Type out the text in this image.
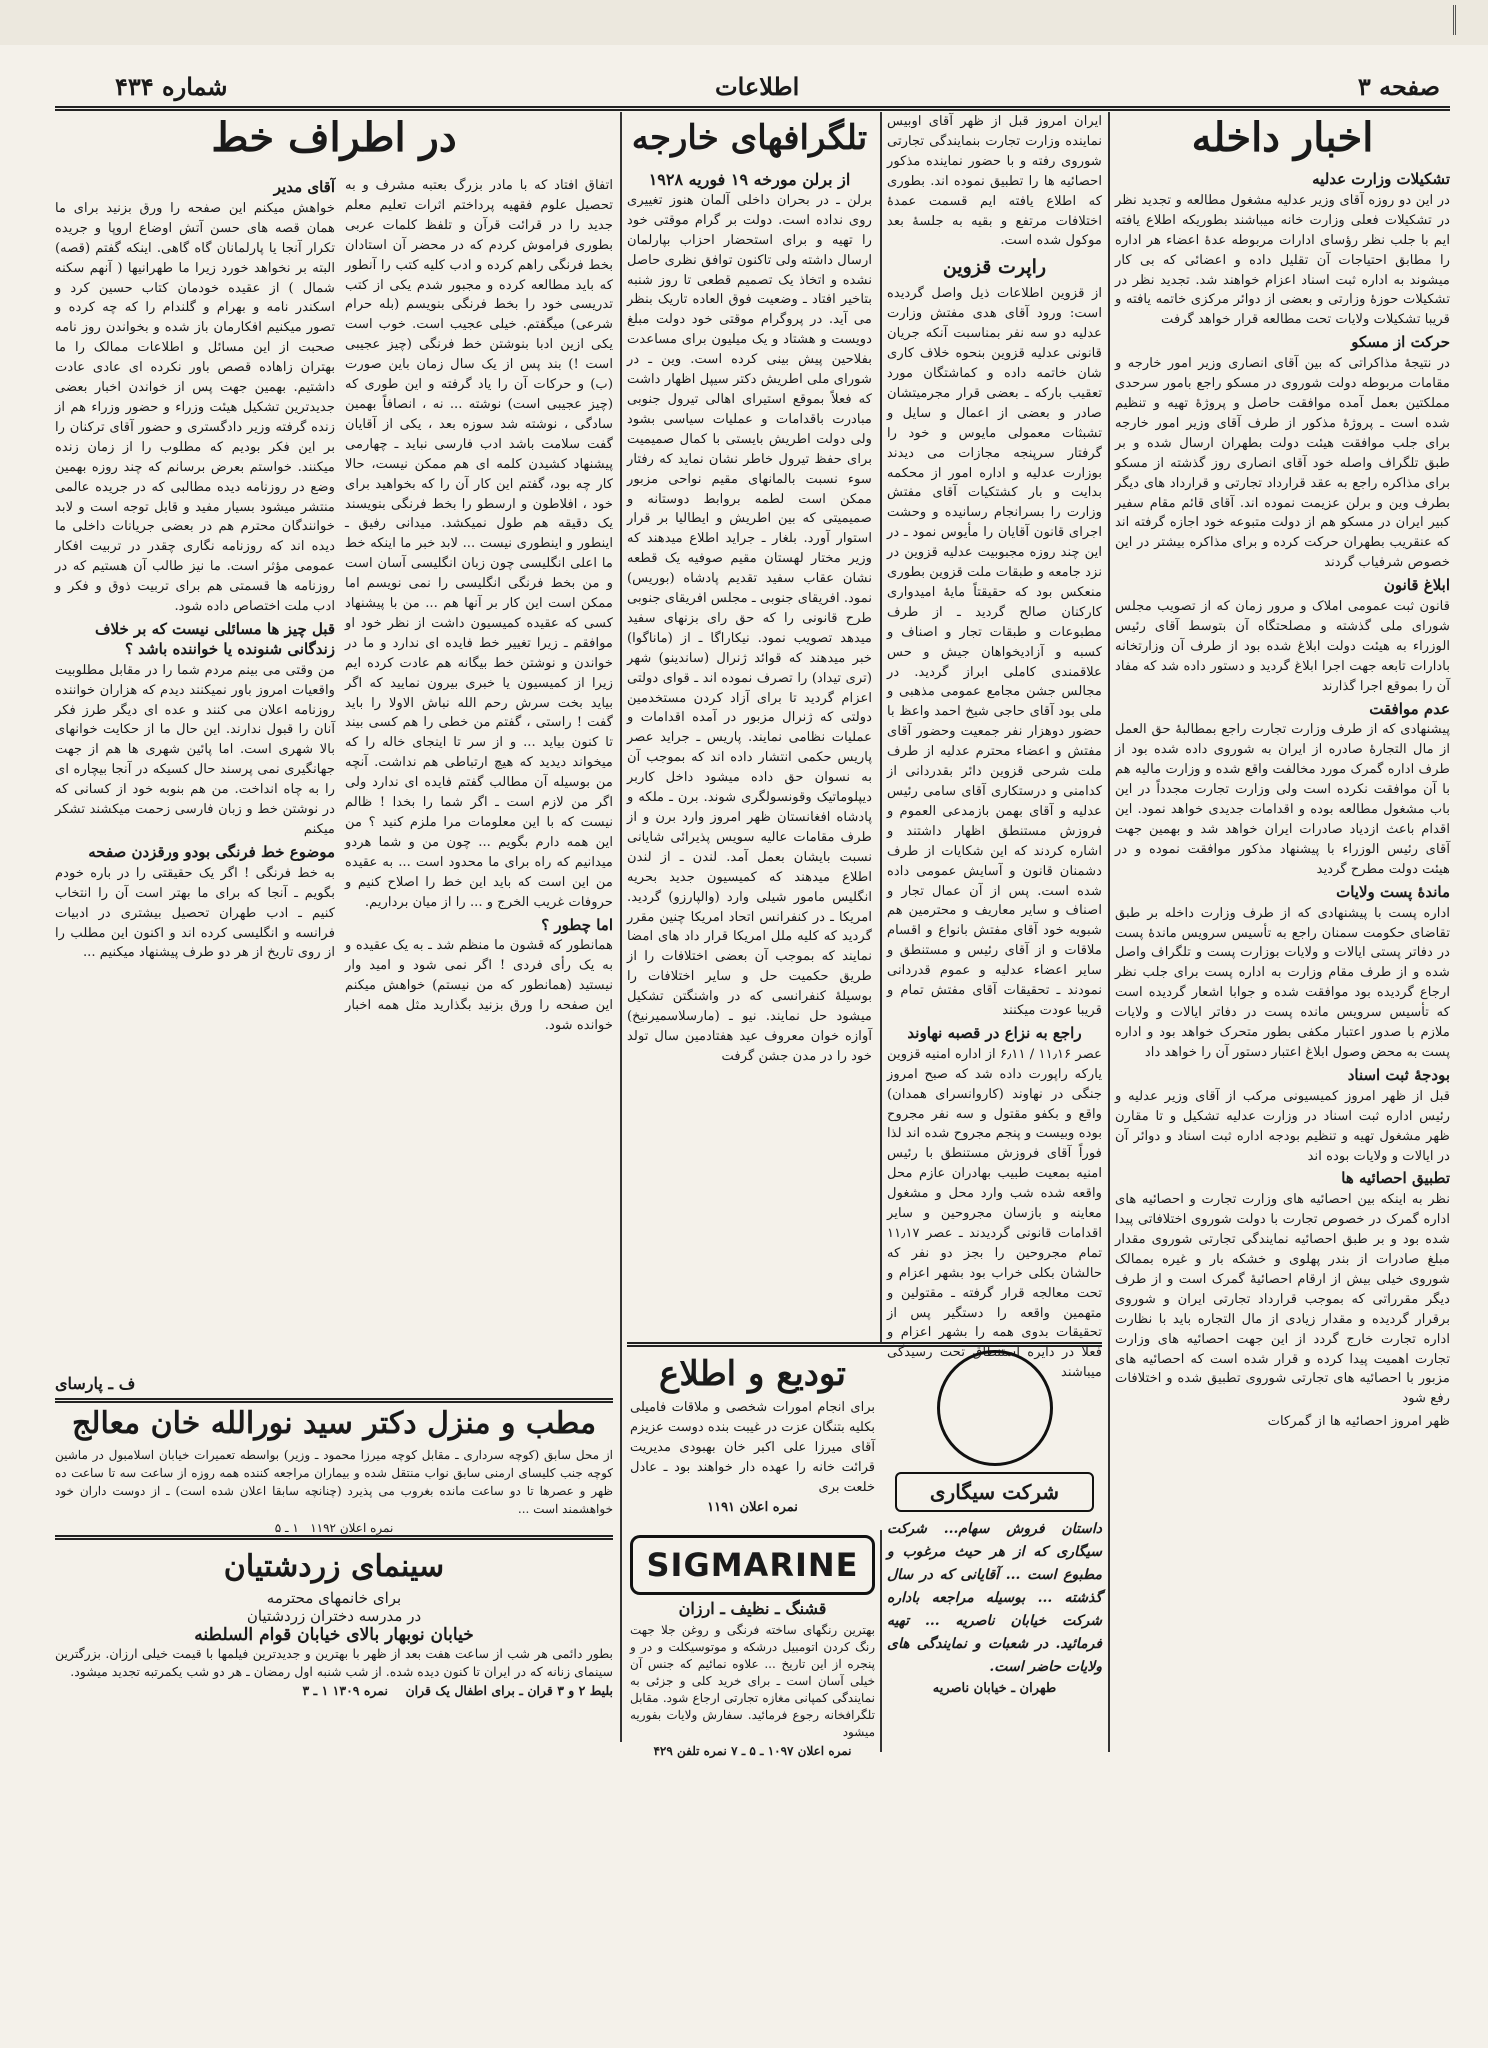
شماره ۴۳۴	اطلاعات	صفحه ۳
اخبار داخله
تشکیلات وزارت عدلیه

در این دو روزه آقای وزیر عدلیه مشغول مطالعه و تجدید نظر در تشکیلات فعلی وزارت خانه میباشند بطوریکه اطلاع یافته ایم با جلب نظر رؤسای ادارات مربوطه عدهٔ اعضاء هر اداره را مطابق احتیاجات آن تقلیل داده و اعضائی که بی کار میشوند به اداره ثبت اسناد اعزام خواهند شد. تجدید نظر در تشکیلات حوزهٔ وزارتی و بعضی از دوائر مرکزی خاتمه یافته و قریبا تشکیلات ولایات تحت مطالعه قرار خواهد گرفت

حرکت از مسکو

در نتیجهٔ مذاکراتی که بین آقای انصاری وزیر امور خارجه و مقامات مربوطه دولت شوروی در مسکو راجع بامور سرحدی مملکتین بعمل آمده موافقت حاصل و پروژهٔ تهیه و تنظیم شده است ـ پروژهٔ مذکور از طرف آقای وزیر امور خارجه برای جلب موافقت هیئت دولت بطهران ارسال شده و بر طبق تلگراف واصله خود آقای انصاری روز گذشته از مسکو برای مذاکره راجع به عقد قرارداد تجارتی و قرارداد های دیگر بطرف وین و برلن عزیمت نموده اند. آقای قائم مقام سفیر کبیر ایران در مسکو هم از دولت متبوعه خود اجازه گرفته اند که عنقریب بطهران حرکت کرده و برای مذاکره بیشتر در این خصوص شرفیاب گردند

ابلاغ قانون

قانون ثبت عمومی املاک و مرور زمان که از تصویب مجلس شورای ملی گذشته و مصلحتگاه آن بتوسط آقای رئیس الوزراء به هیئت دولت ابلاغ شده بود از طرف آن وزارتخانه بادارات تابعه جهت اجرا ابلاغ گردید و دستور داده شد که مفاد آن را بموقع اجرا گذارند

عدم موافقت

پیشنهادی که از طرف وزارت تجارت راجع بمطالبهٔ حق العمل از مال التجارهٔ صادره از ایران به شوروی داده شده بود از طرف اداره گمرک مورد مخالفت واقع شده و وزارت مالیه هم با آن موافقت نکرده است ولی وزارت تجارت مجدداً در این باب مشغول مطالعه بوده و اقدامات جدیدی خواهد نمود. این اقدام باعث ازدیاد صادرات ایران خواهد شد و بهمین جهت آقای رئیس الوزراء با پیشنهاد مذکور موافقت نموده و در هیئت دولت مطرح گردید

ماندهٔ پست ولایات

اداره پست با پیشنهادی که از طرف وزارت داخله بر طبق تقاضای حکومت سمنان راجع به تأسیس سرویس ماندهٔ پست در دفاتر پستی ایالات و ولایات بوزارت پست و تلگراف واصل شده و از طرف مقام وزارت به اداره پست برای جلب نظر ارجاع گردیده بود موافقت شده و جوابا اشعار گردیده است که تأسیس سرویس مانده پست در دفاتر ایالات و ولایات ملازم با صدور اعتبار مکفی بطور متحرک خواهد بود و اداره پست به محض وصول ابلاغ اعتبار دستور آن را خواهد داد

بودجهٔ ثبت اسناد

قبل از ظهر امروز کمیسیونی مرکب از آقای وزیر عدلیه و رئیس اداره ثبت اسناد در وزارت عدلیه تشکیل و تا مقارن ظهر مشغول تهیه و تنظیم بودجه اداره ثبت اسناد و دوائر آن در ایالات و ولایات بوده اند

تطبیق احصائیه ها

نظر به اینکه بین احصائیه های وزارت تجارت و احصائیه های اداره گمرک در خصوص تجارت با دولت شوروی اختلافاتی پیدا شده بود و بر طبق احصائیه نمایندگی تجارتی شوروی مقدار مبلغ صادرات از بندر پهلوی و خشکه بار و غیره بممالک شوروی خیلی بیش از ارقام احصائیهٔ گمرک است و از طرف دیگر مقرراتی که بموجب قرارداد تجارتی ایران و شوروی برقرار گردیده و مقدار زیادی از مال التجاره باید با نظارت اداره تجارت خارج گردد از این جهت احصائیه های وزارت تجارت اهمیت پیدا کرده و قرار شده است که احصائیه های مزبور با احصائیه های تجارتی شوروی تطبیق شده و اختلافات رفع شود

ظهر امروز احصائیه ها از گمرکات

ایران امروز قبل از ظهر آقای اوبیس نماینده وزارت تجارت بنمایندگی تجارتی شوروی رفته و با حضور نماینده مذکور احصائیه ها را تطبیق نموده اند. بطوری که اطلاع یافته ایم قسمت عمدهٔ اختلافات مرتفع و بقیه به جلسهٔ بعد موکول شده است.

راپرت قزوین

از قزوین اطلاعات ذیل واصل گردیده است: ورود آقای هدی مفتش وزارت عدلیه دو سه نفر بمناسبت آنکه جریان قانونی عدلیه قزوین بنحوه خلاف کاری شان خاتمه داده و کماشتگان مورد تعقیب بارکه ـ بعضی قرار مجرمیتشان صادر و بعضی از اعمال و سایل و تشبثات معمولی مایوس و خود را گرفتار سرپنجه مجازات می دیدند بوزارت عدلیه و اداره امور از محکمه بدایت و بار کشتکیات آقای مفتش وزارت را بسرانجام رسانیده و وحشت اجرای قانون آقایان را مأیوس نمود ـ در این چند روزه مجبوبیت عدلیه قزوین در نزد جامعه و طبقات ملت قزوین بطوری منعکس بود که حقیقتاً مایهٔ امیدواری کارکنان صالح گردید ـ از طرف مطبوعات و طبقات تجار و اصناف و کسبه و آزادیخواهان جیش و حس علاقمندی کاملی ابراز گردید. در مجالس جشن مجامع عمومی مذهبی و ملی بود آقای حاجی شیخ احمد واعظ با حضور دوهزار نفر جمعیت وحضور آقای مفتش و اعضاء محترم عدلیه از طرف ملت شرحی قزوین دائر بقدردانی از کدامنی و درستکاری آقای سامی رئیس عدلیه و آقای بهمن بازمدعی العموم و فروزش مستنطق اظهار داشتند و اشاره کردند که این شکایات از طرف دشمنان قانون و آسایش عمومی داده شده است. پس از آن عمال تجار و اصناف و سایر معاریف و محترمین هم شبویه خود آقای مفتش بانواع و اقسام ملاقات و از آقای رئیس و مستنطق و سایر اعضاء عدلیه و عموم قدردانی نمودند ـ تحقیقات آقای مفتش تمام و قریبا عودت میکنند

راجع به نزاع در قصبه نهاوند

عصر ۱۱٫۱۶ / ۶٫۱۱ از اداره امنیه قزوین یارکه راپورت داده شد که صبح امروز جنگی در نهاوند (کاروانسرای همدان) واقع و بکفو مقتول و سه نفر مجروح بوده وبیست و پنجم مجروح شده اند لذا فوراً آقای فروزش مستنطق با رئیس امنیه بمعیت طبیب بهادران عازم محل واقعه شده شب وارد محل و مشغول معاینه و بازسان مجروحین و سایر اقدامات قانونی گردیدند ـ عصر ۱۱٫۱۷ تمام مجروحین را بجز دو نفر که حالشان بکلی خراب بود بشهر اعزام و تحت معالجه قرار گرفته ـ مقتولین و متهمین واقعه را دستگیر پس از تحقیقات بدوی همه را بشهر اعزام و فعلا در دایره استنطاق تحت رسیدگی میباشند

تلگرافهای خارجه
از برلن مورخه ۱۹ فوریه ۱۹۲۸

برلن ـ در بحران داخلی آلمان هنوز تغییری روی نداده است. دولت بر گرام موقتی خود را تهیه و برای استحضار احزاب بپارلمان ارسال داشته ولی تاکنون توافق نظری حاصل نشده و اتخاذ یک تصمیم قطعی تا روز شنبه بتاخیر افتاد ـ وضعیت فوق العاده تاریک بنظر می آید. در پروگرام موقتی خود دولت مبلغ دویست و هشتاد و یک میلیون برای مساعدت بفلاحین پیش بینی کرده است. وین ـ در شورای ملی اطریش دکتر سیپل اظهار داشت که فعلاً بموقع استیرای اهالی تیرول جنوبی مبادرت باقدامات و عملیات سیاسی بشود ولی دولت اطریش بایستی با کمال صمیمیت برای حفظ تیرول خاطر نشان نماید که رفتار سوء نسبت بالمانهای مقیم نواحی مزبور ممکن است لطمه بروابط دوستانه و صمیمیتی که بین اطریش و ایطالیا بر قرار استوار آورد. بلغار ـ جراید اطلاع میدهند که وزیر مختار لهستان مقیم صوفیه یک قطعه نشان عقاب سفید تقدیم پادشاه (بوریس) نمود. افریقای جنوبی ـ مجلس افریقای جنوبی طرح قانونی را که حق رای بزنهای سفید میدهد تصویب نمود. نیکاراگا ـ از (ماناگوا) خبر میدهند که قوائد ژنرال (ساندینو) شهر (تری تیداد) را تصرف نموده اند ـ قوای دولتی اعزام گردید تا برای آزاد کردن مستخدمین دولتی که ژنرال مزبور در آمده اقدامات و عملیات نظامی نمایند. پاریس ـ جراید عصر پاریس حکمی انتشار داده اند که بموجب آن به نسوان حق داده میشود داخل کاربر دیپلوماتیک وقونسولگری شوند. برن ـ ملکه و پادشاه افغانستان ظهر امروز وارد برن و از طرف مقامات عالیه سویس پذیرائی شایانی نسبت بایشان بعمل آمد. لندن ـ از لندن اطلاع میدهند که کمیسیون جدید بحریه انگلیس مامور شیلی وارد (والپارزو) گردید. امریکا ـ در کنفرانس اتحاد امریکا چنین مقرر گردید که کلیه ملل امریکا قرار داد های امضا نمایند که بموجب آن بعضی اختلافات را از طریق حکمیت حل و سایر اختلافات را بوسیلهٔ کنفرانسی که در واشنگتن تشکیل میشود حل نمایند. نیو ـ (مارسلاسمیرنیخ) آوازه خوان معروف عید هفتادمین سال تولد خود را در مدن جشن گرفت

در اطراف خط

اتفاق افتاد که با مادر بزرگ بعتبه مشرف و به تحصیل علوم فقهیه پرداختم اثرات تعلیم معلم جدید را در قرائت قرآن و تلفظ کلمات عربی بطوری فراموش کردم که در محضر آن استادان بخط فرنگی راهم کرده و ادب کلیه کتب را آنطور که باید مطالعه کرده و مجبور شدم یکی از کتب تدریسی خود را بخط فرنگی بنویسم (بله حرام شرعی) میگفتم. خیلی عجیب است. خوب است یکی ازین ادبا بنوشتن خط فرنگی (چیز عجیبی است !) بند پس از یک سال زمان باین صورت (ب) و حرکات آن را یاد گرفته و این طوری که (چیز عجیبی است) نوشته ... نه ، انصافاً بهمین سادگی ، نوشته شد سوزه بعد ، یکی از آقایان گفت سلامت باشد ادب فارسی نباید ـ چهارمی پیشنهاد کشیدن کلمه ای هم ممکن نیست، حالا کار چه بود، گفتم این کار آن را که بخواهید برای خود ، افلاطون و ارسطو را بخط فرنگی بنویسند یک دقیقه هم طول نمیکشد. میدانی رفیق ـ اینطور و اینطوری نیست ... لابد خبر ما اینکه خط ما اعلی انگلیسی چون زبان انگلیسی آسان است و من بخط فرنگی انگلیسی را نمی نویسم اما ممکن است این کار بر آنها هم ... من با پیشنهاد کسی که عقیده کمیسیون داشت از نظر خود او موافقم ـ زیرا تغییر خط فایده ای ندارد و ما در خواندن و نوشتن خط بیگانه هم عادت کرده ایم زیرا از کمیسیون یا خبری بیرون نمایید که اگر بیاید بخت سرش رحم الله نباش الاولا را باید گفت ! راستی ، گفتم من خطی را هم کسی بیند تا کنون بیاید ... و از سر تا اینجای خاله را که میخواند دیدید که هیچ ارتباطی هم نداشت. آنچه من بوسیله آن مطالب گفتم فایده ای ندارد ولی اگر من لازم است ـ اگر شما را بخدا ! ظالم نیست که با این معلومات مرا ملزم کنید ؟ من این همه دارم بگویم ... چون من و شما هردو میدانیم که راه برای ما محدود است ... به عقیده من این است که باید این خط را اصلاح کنیم و حروفات غریب الخرج و ... را از میان برداریم.

اما چطور ؟

همانطور که قشون ما منظم شد ـ به یک عقیده و به یک رأی فردی ! اگر نمی شود و امید وار نیستید (همانطور که من نیستم) خواهش میکنم این صفحه را ورق بزنید بگذارید مثل همه اخبار خوانده شود.

آقای مدیر

خواهش میکنم این صفحه را ورق بزنید برای ما همان قصه های حسن آتش اوضاع اروپا و جریده تکرار آنجا یا پارلمانان گاه گاهی. اینکه گفتم (قصه) البته بر نخواهد خورد زیرا ما طهرانیها ( آنهم سکنه شمال ) از عقیده خودمان کتاب حسین کرد و اسکندر نامه و بهرام و گلندام را که چه کرده و تصور میکنیم افکارمان باز شده و بخواندن روز نامه صحبت از این مسائل و اطلاعات ممالک را ما بهتران زاهاده قصص باور نکرده ای عادی عادت داشتیم. بهمین جهت پس از خواندن اخبار بعضی جدیدترین تشکیل هیئت وزراء و حضور وزراء هم از زنده گرفته وزیر دادگستری و حضور آقای ترکنان را بر این فکر بودیم که مطلوب را از زمان زنده میکنند. خواستم بعرض برسانم که چند روزه بهمین وضع در روزنامه دیده مطالبی که در جریده عالمی منتشر میشود بسیار مفید و قابل توجه است و لابد خوانندگان محترم هم در بعضی جریانات داخلی ما دیده اند که روزنامه نگاری چقدر در تربیت افکار عمومی مؤثر است. ما نیز طالب آن هستیم که در روزنامه ها قسمتی هم برای تربیت ذوق و فکر و ادب ملت اختصاص داده شود.

قبل چیز ها مسائلی نیست که بر خلاف زندگانی شنونده یا خواننده باشد ؟

من وقتی می بینم مردم شما را در مقابل مطلوبیت واقعیات امروز باور نمیکنند دیدم که هزاران خواننده روزنامه اعلان می کنند و عده ای دیگر طرز فکر آنان را قبول ندارند. این حال ما از حکایت خوانهای بالا شهری است. اما پائین شهری ها هم از جهت جهانگیری نمی پرسند حال کسیکه در آنجا بیچاره ای را به چاه انداخت. من هم بنوبه خود از کسانی که در نوشتن خط و زبان فارسی زحمت میکشند تشکر میکنم

موضوع خط فرنگی بودو ورقزدن صفحه

به خط فرنگی ! اگر یک حقیقتی را در باره خودم بگویم ـ آنجا که برای ما بهتر است آن را انتخاب کنیم ـ ادب طهران تحصیل بیشتری در ادبیات فرانسه و انگلیسی کرده اند و اکنون این مطلب را از روی تاریخ از هر دو طرف پیشنهاد میکنیم ...

ف ـ پارسای	تودیع و اطلاع
برای انجام امورات شخصی و ملاقات فامیلی بکلیه بتنگان عزت در غیبت بنده دوست عزیزم آقای میرزا علی اکبر خان بهبودی مدیریت قرائت خانه را عهده دار خواهند بود ـ عادل خلعت بری
نمره اعلان ۱۱۹۱
شرکت سیگاری
داستان فروش سهام... شرکت سیگاری که از هر حیث مرغوب و مطبوع است ... آقایانی که در سال گذشته ... بوسیله مراجعه باداره شرکت خیابان ناصریه ... تهیه فرمائید. در شعبات و نمایندگی های ولایات حاضر است.
طهران ـ خیابان ناصریه
SIGMARINE
قشنگ ـ نظیف ـ ارزان
بهترین رنگهای ساخته فرنگی و روغن جلا جهت رنگ کردن اتومبیل درشکه و موتوسیکلت و در و پنجره از این تاریخ ... علاوه نمائیم که جنس آن خیلی آسان است ـ برای خرید کلی و جزئی به نمایندگی کمپانی مغازه تجارتی ارجاع شود. مقابل تلگرافخانه رجوع فرمائید. سفارش ولایات بفوریه میشود
نمره اعلان ۱۰۹۷ ـ ۵ ـ ۷ نمره تلفن ۴۲۹
مطب و منزل دکتر سید نورالله خان معالج
از محل سابق (کوچه سرداری ـ مقابل کوچه میرزا محمود ـ وزیر) بواسطه تعمیرات خیابان اسلامبول در ماشین کوچه جنب کلیسای ارمنی سابق نواب منتقل شده و بیماران مراجعه کننده همه روزه از ساعت سه تا ساعت ده ظهر و عصرها تا دو ساعت مانده بغروب می پذیرد (چنانچه سابقا اعلان شده است) ـ از دوست داران خود خواهشمند است ...
نمره اعلان ۱۱۹۲   ۱ ـ ۵
سینمای زردشتیان
برای خانمهای محترمه
در مدرسه دختران زردشتیان
خیابان نوبهار بالای خیابان قوام السلطنه
بطور دائمی هر شب از ساعت هفت بعد از ظهر با بهترین و جدیدترین فیلمها با قیمت خیلی ارزان. بزرگترین سینمای زنانه که در ایران تا کنون دیده شده. از شب شنبه اول رمضان ـ هر دو شب یکمرتبه تجدید میشود.
بلیط ۲ و ۳ قران ـ برای اطفال یک قران    نمره ۱۳۰۹ ۱ ـ ۳
